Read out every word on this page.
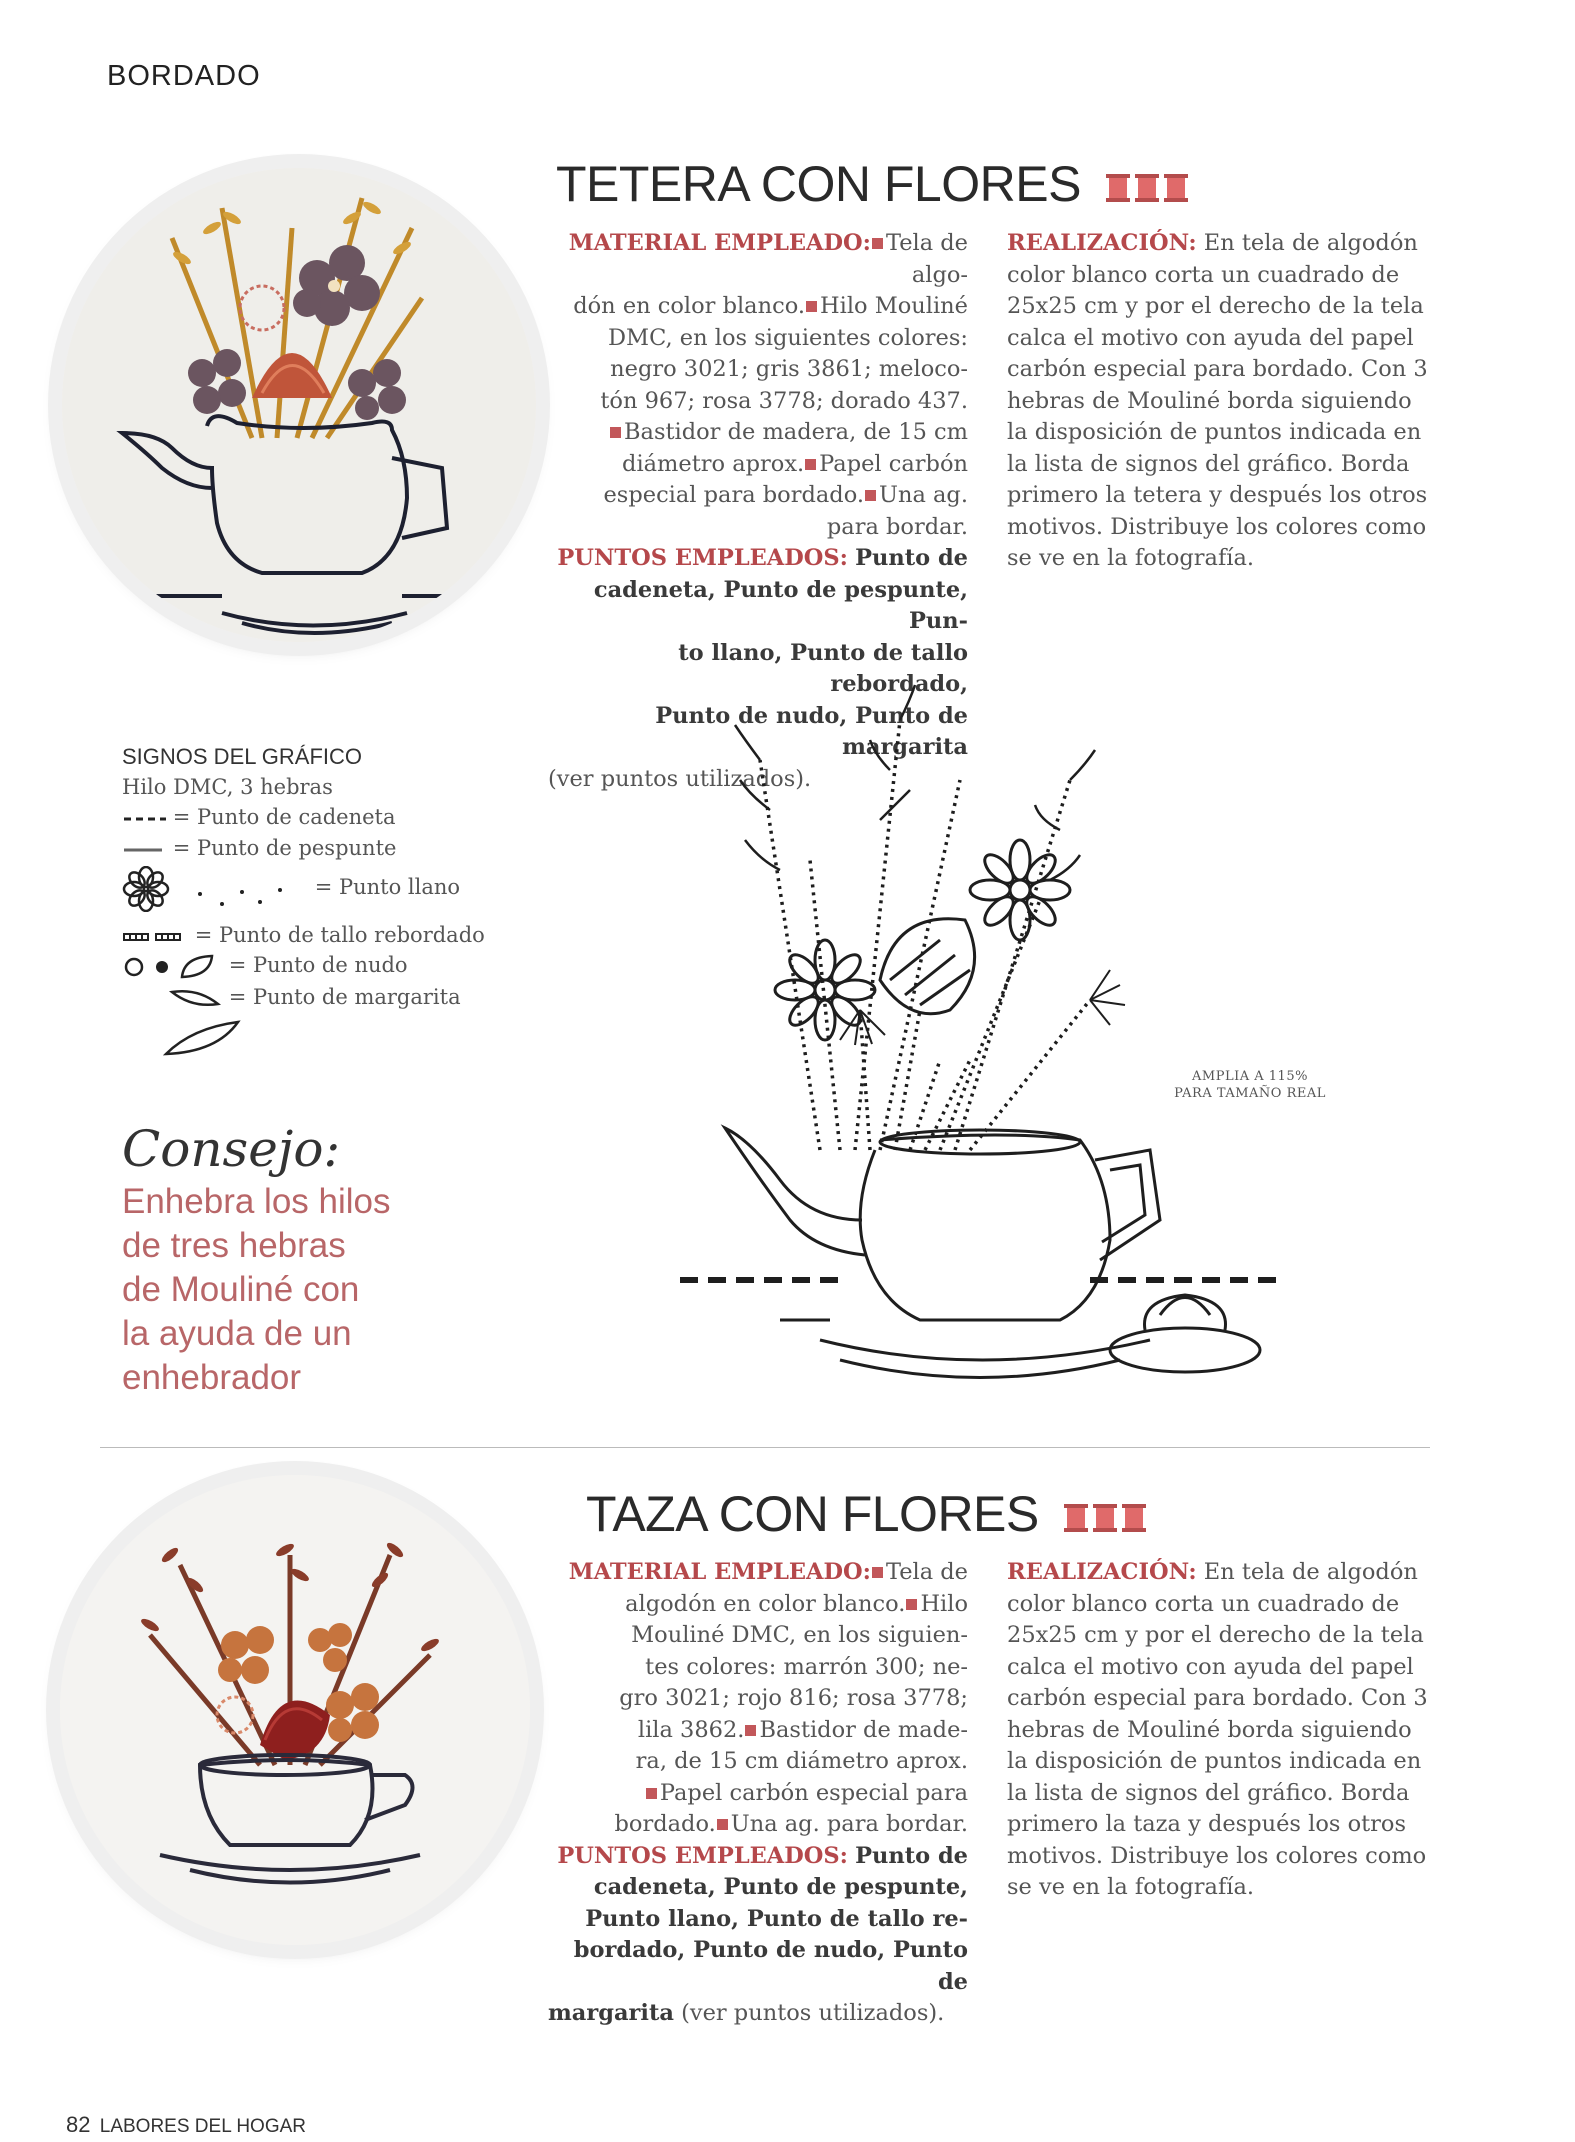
BORDADO
TETERA CON FLORES
MATERIAL EMPLEADO: Tela de algo-
dón en color blanco. Hilo Mouliné
DMC, en los siguientes colores:
negro 3021; gris 3861; meloco-
tón 967; rosa 3778; dorado 437.
Bastidor de madera, de 15 cm
diámetro aprox. Papel carbón
especial para bordado. Una ag.
para bordar.
PUNTOS EMPLEADOS: Punto de
cadeneta, Punto de pespunte, Pun-
to llano, Punto de tallo rebordado,
Punto de nudo, Punto de margarita
(ver puntos utilizados).
REALIZACIÓN: En tela de algodón
color blanco corta un cuadrado de
25x25 cm y por el derecho de la tela
calca el motivo con ayuda del papel
carbón especial para bordado. Con 3
hebras de Mouliné borda siguiendo
la disposición de puntos indicada en
la lista de signos del gráfico. Borda
primero la tetera y después los otros
motivos. Distribuye los colores como
se ve en la fotografía.
SIGNOS DEL GRÁFICO
Hilo DMC, 3 hebras
= Punto de cadeneta
= Punto de pespunte
= Punto llano
= Punto de tallo rebordado
= Punto de nudo
= Punto de margarita
Consejo:
Enhebra los hilos
de tres hebras
de Mouliné con
la ayuda de un
enhebrador
AMPLIA A 115%
PARA TAMAÑO REAL
TAZA CON FLORES
MATERIAL EMPLEADO: Tela de
algodón en color blanco. Hilo
Mouliné DMC, en los siguien-
tes colores: marrón 300; ne-
gro 3021; rojo 816; rosa 3778;
lila 3862. Bastidor de made-
ra, de 15 cm diámetro aprox.
Papel carbón especial para
bordado. Una ag. para bordar.
PUNTOS EMPLEADOS: Punto de
cadeneta, Punto de pespunte,
Punto llano, Punto de tallo re-
bordado, Punto de nudo, Punto de
margarita (ver puntos utilizados).
REALIZACIÓN: En tela de algodón
color blanco corta un cuadrado de
25x25 cm y por el derecho de la tela
calca el motivo con ayuda del papel
carbón especial para bordado. Con 3
hebras de Mouliné borda siguiendo
la disposición de puntos indicada en
la lista de signos del gráfico. Borda
primero la taza y después los otros
motivos. Distribuye los colores como
se ve en la fotografía.
82 LABORES DEL HOGAR
